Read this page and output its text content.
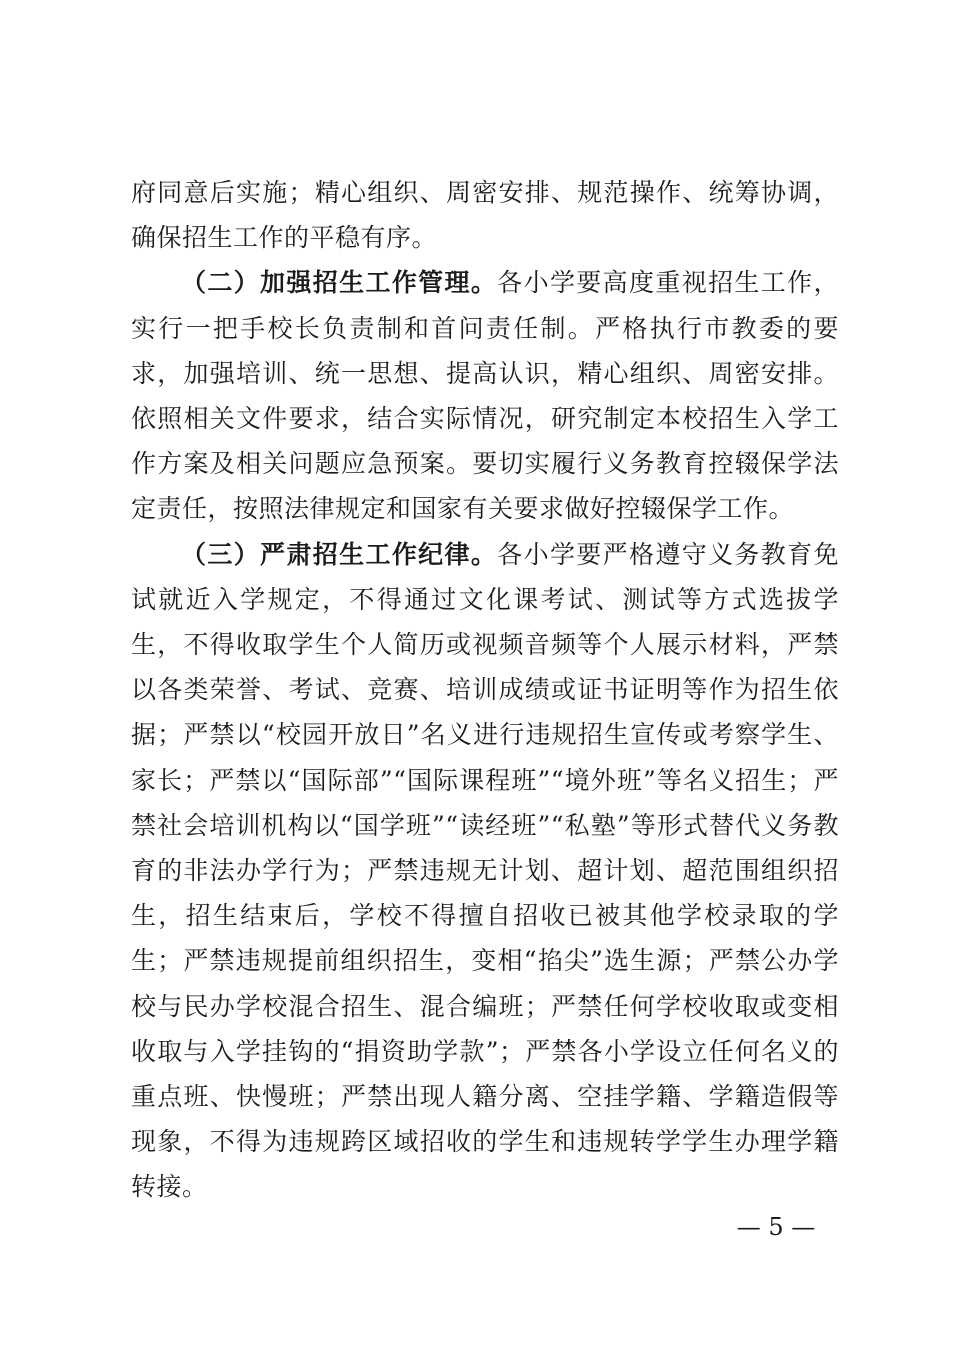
府同意后实施；精心组织、周密安排、规范操作、统筹协调，确保招生工作的平稳有序。

（二）加强招生工作管理。各小学要高度重视招生工作，实行一把手校长负责制和首问责任制。严格执行市教委的要求，加强培训、统一思想、提高认识，精心组织、周密安排。依照相关文件要求，结合实际情况，研究制定本校招生入学工作方案及相关问题应急预案。要切实履行义务教育控辍保学法定责任，按照法律规定和国家有关要求做好控辍保学工作。

（三）严肃招生工作纪律。各小学要严格遵守义务教育免试就近入学规定，不得通过文化课考试、测试等方式选拔学生，不得收取学生个人简历或视频音频等个人展示材料，严禁以各类荣誉、考试、竞赛、培训成绩或证书证明等作为招生依据；严禁以“校园开放日”名义进行违规招生宣传或考察学生、家长；严禁以“国际部”“国际课程班”“境外班”等名义招生；严禁社会培训机构以“国学班”“读经班”“私塾”等形式替代义务教育的非法办学行为；严禁违规无计划、超计划、超范围组织招生，招生结束后，学校不得擅自招收已被其他学校录取的学生；严禁违规提前组织招生，变相“掐尖”选生源；严禁公办学校与民办学校混合招生、混合编班；严禁任何学校收取或变相收取与入学挂钩的“捐资助学款”；严禁各小学设立任何名义的重点班、快慢班；严禁出现人籍分离、空挂学籍、学籍造假等现象，不得为违规跨区域招收的学生和违规转学学生办理学籍转接。

— 5 —
